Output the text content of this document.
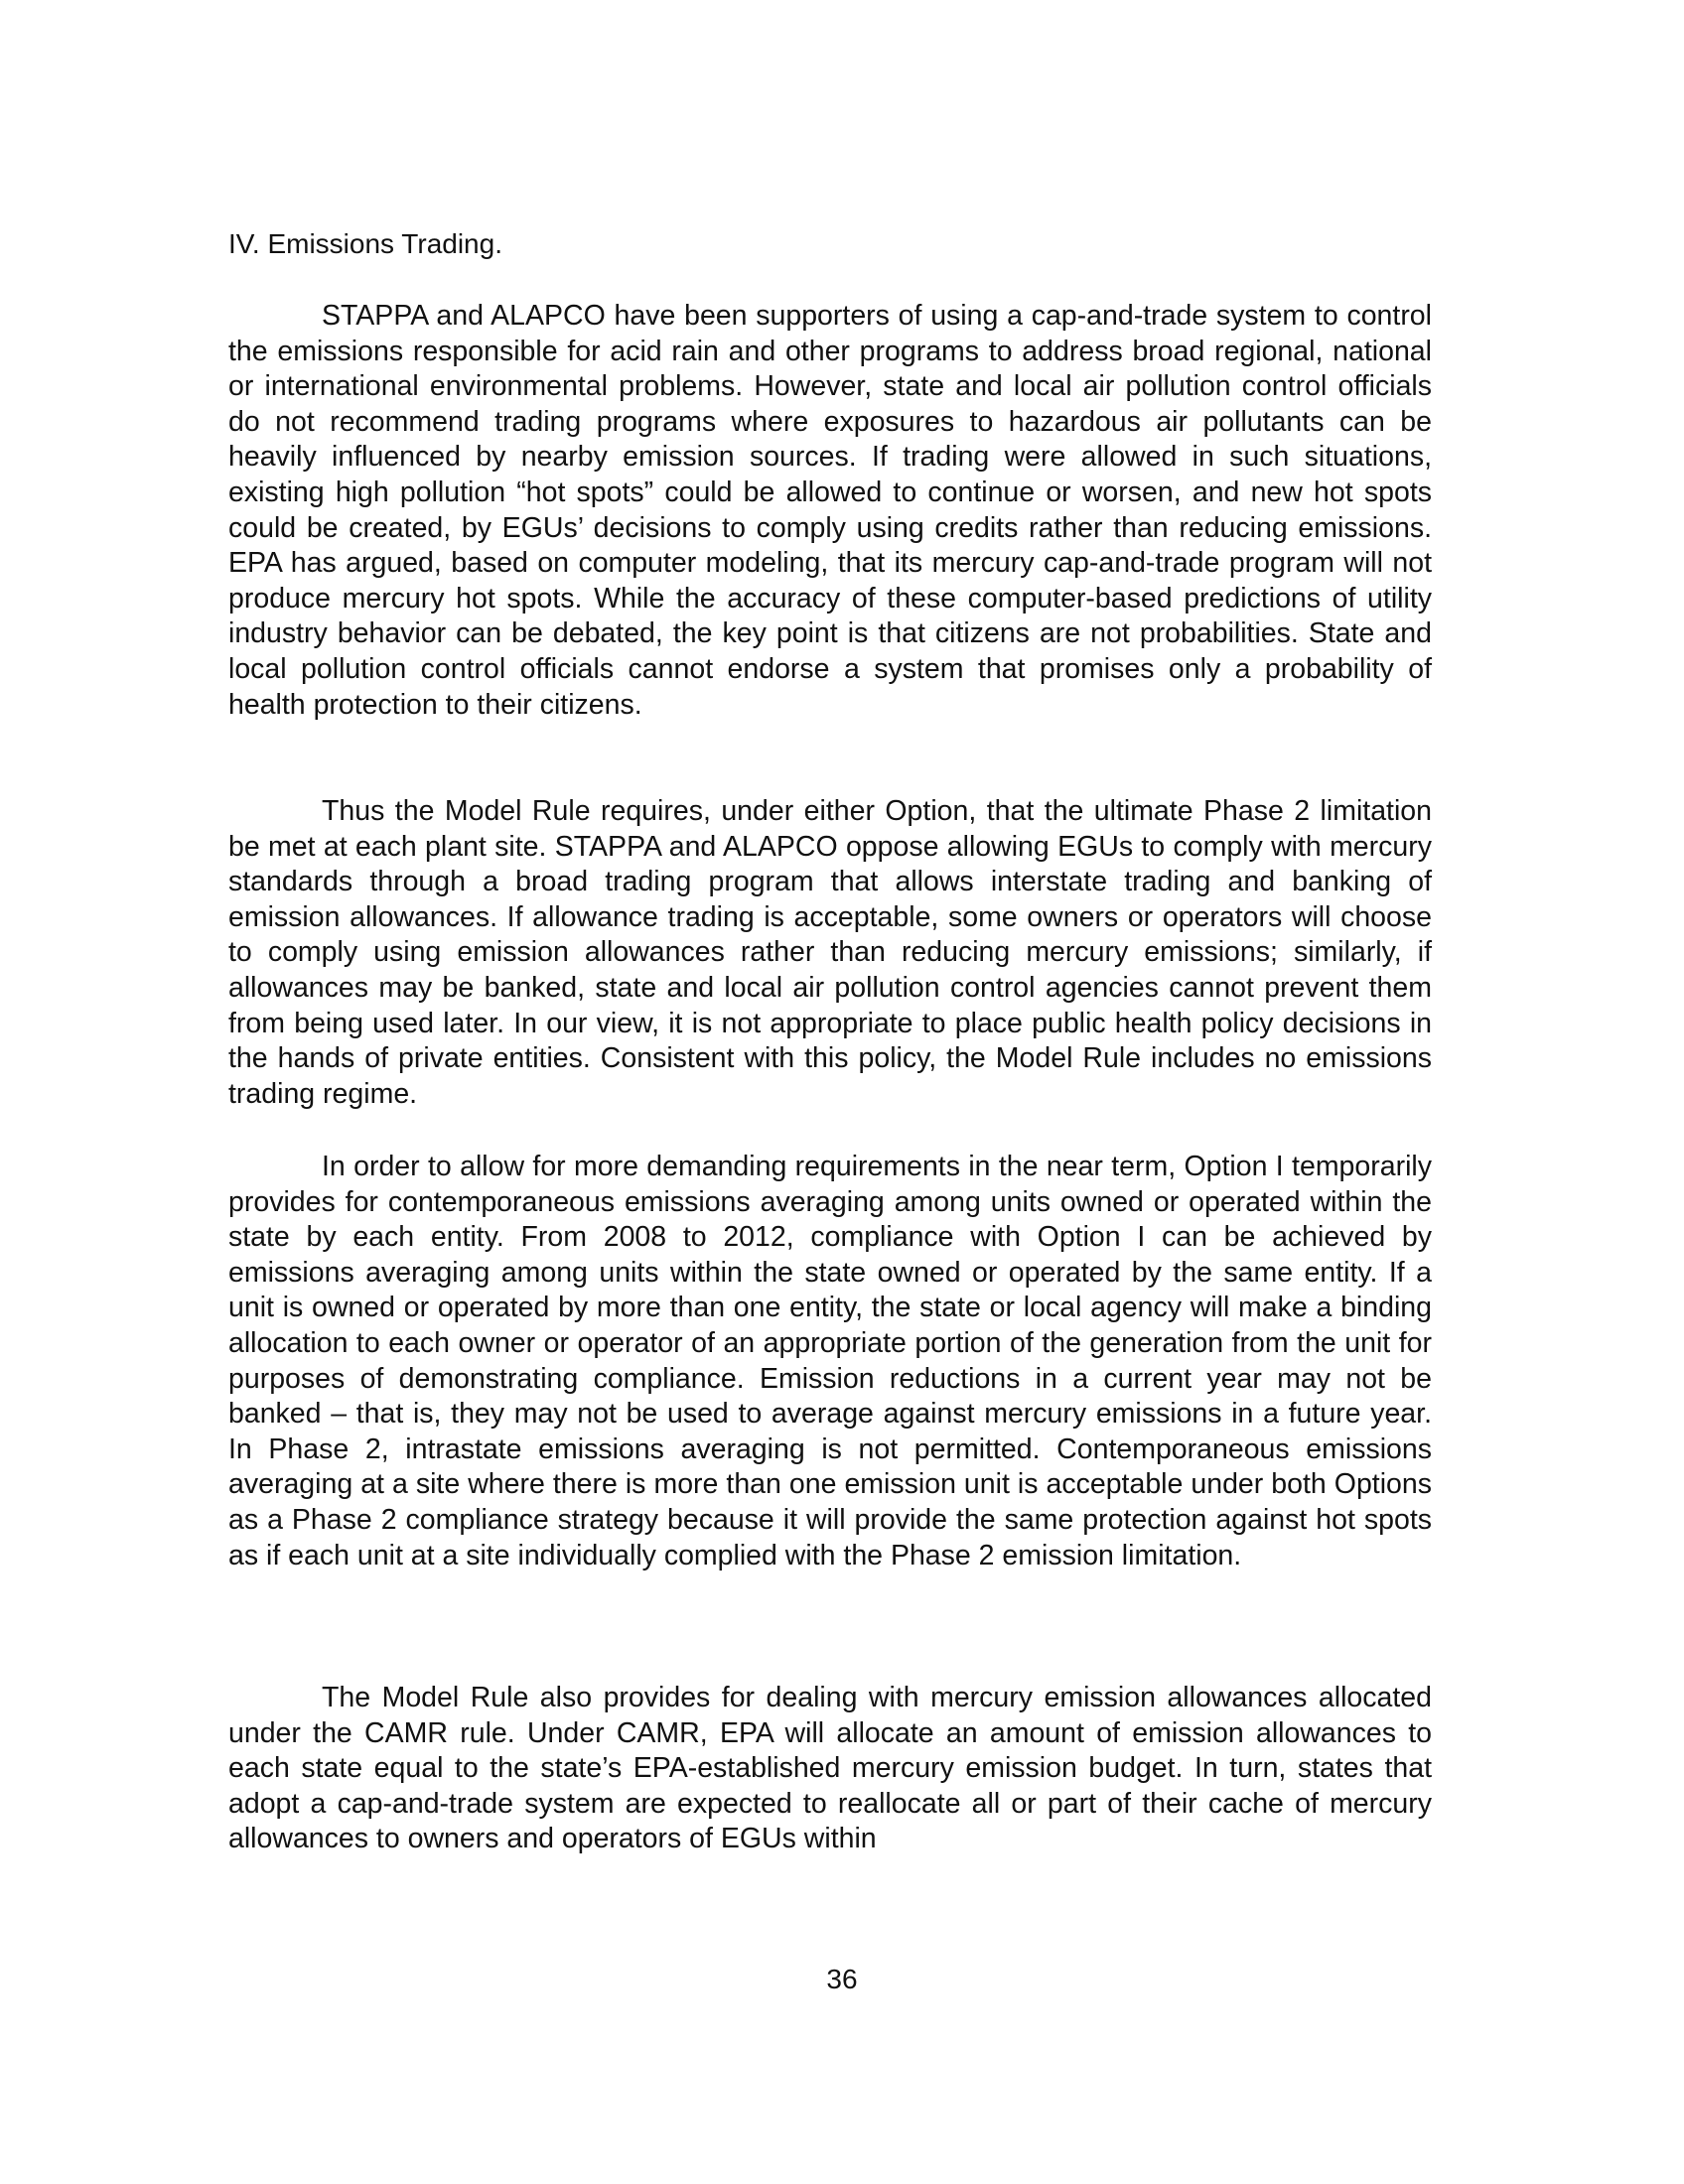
IV. Emissions Trading.

STAPPA and ALAPCO have been supporters of using a cap-and-trade system to control the emissions responsible for acid rain and other programs to address broad regional, national or international environmental problems. However, state and local air pollution control officials do not recommend trading programs where exposures to hazardous air pollutants can be heavily influenced by nearby emission sources. If trading were allowed in such situations, existing high pollution “hot spots” could be allowed to continue or worsen, and new hot spots could be created, by EGUs’ decisions to comply using credits rather than reducing emissions. EPA has argued, based on computer modeling, that its mercury cap-and-trade program will not produce mercury hot spots. While the accuracy of these computer-based predictions of utility industry behavior can be debated, the key point is that citizens are not probabilities. State and local pollution control officials cannot endorse a system that promises only a probability of health protection to their citizens.

Thus the Model Rule requires, under either Option, that the ultimate Phase 2 limitation be met at each plant site. STAPPA and ALAPCO oppose allowing EGUs to comply with mercury standards through a broad trading program that allows interstate trading and banking of emission allowances. If allowance trading is acceptable, some owners or operators will choose to comply using emission allowances rather than reducing mercury emissions; similarly, if allowances may be banked, state and local air pollution control agencies cannot prevent them from being used later. In our view, it is not appropriate to place public health policy decisions in the hands of private entities. Consistent with this policy, the Model Rule includes no emissions trading regime.

In order to allow for more demanding requirements in the near term, Option I temporarily provides for contemporaneous emissions averaging among units owned or operated within the state by each entity. From 2008 to 2012, compliance with Option I can be achieved by emissions averaging among units within the state owned or operated by the same entity. If a unit is owned or operated by more than one entity, the state or local agency will make a binding allocation to each owner or operator of an appropriate portion of the generation from the unit for purposes of demonstrating compliance. Emission reductions in a current year may not be banked – that is, they may not be used to average against mercury emissions in a future year. In Phase 2, intrastate emissions averaging is not permitted. Contemporaneous emissions averaging at a site where there is more than one emission unit is acceptable under both Options as a Phase 2 compliance strategy because it will provide the same protection against hot spots as if each unit at a site individually complied with the Phase 2 emission limitation.

The Model Rule also provides for dealing with mercury emission allowances allocated under the CAMR rule. Under CAMR, EPA will allocate an amount of emission allowances to each state equal to the state’s EPA-established mercury emission budget. In turn, states that adopt a cap-and-trade system are expected to reallocate all or part of their cache of mercury allowances to owners and operators of EGUs within

36
